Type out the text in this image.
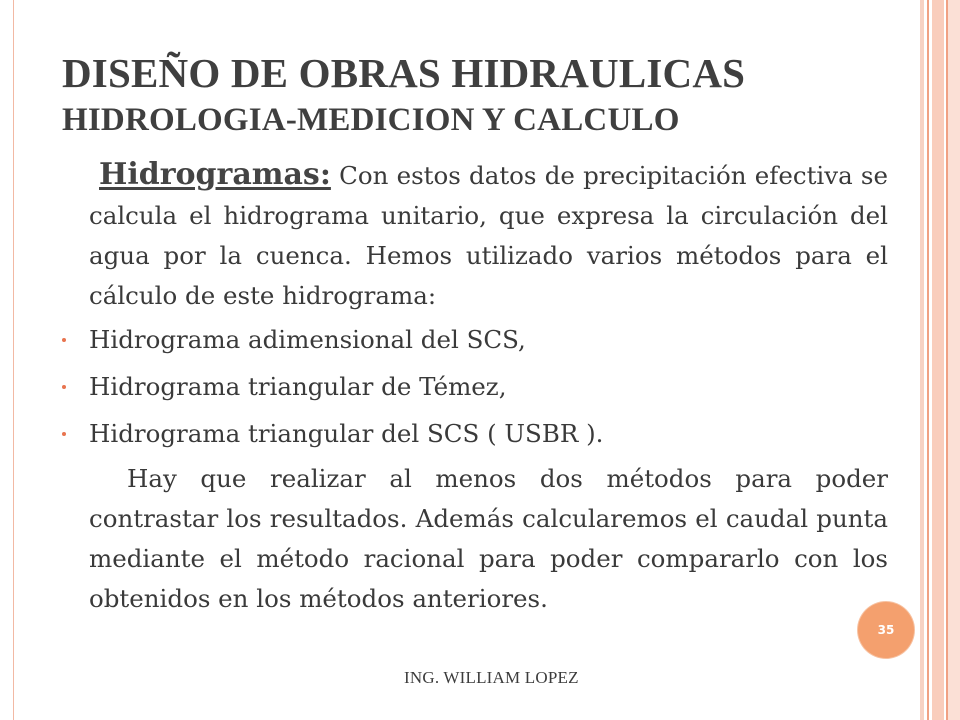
DISEÑO DE OBRAS HIDRAULICAS
HIDROLOGIA-MEDICION Y CALCULO

Hidrogramas: Con estos datos de precipitación efectiva se calcula el hidrograma unitario, que expresa la circulación del agua por la cuenca. Hemos utilizado varios métodos para el cálculo de este hidrograma:

Hidrograma adimensional del SCS,
Hidrograma triangular de Témez,
Hidrograma triangular del SCS ( USBR ).

Hay que realizar al menos dos métodos para poder contrastar los resultados. Además calcularemos el caudal punta mediante el método racional para poder compararlo con los obtenidos en los métodos anteriores.

35
ING. WILLIAM LOPEZ
